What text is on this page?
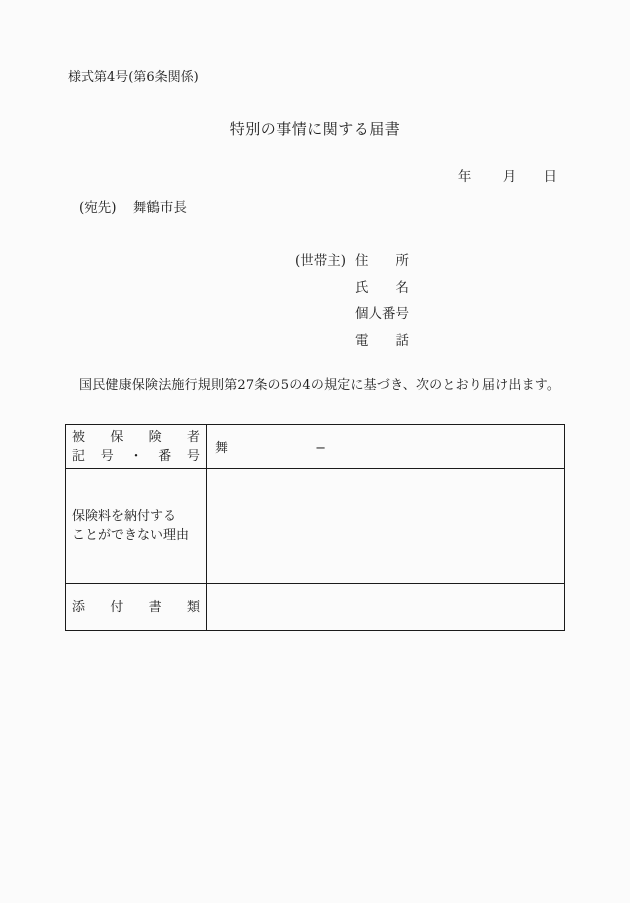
様式第4号(第6条関係)
特別の事情に関する届書
年 月 日
(宛先) 舞鶴市長
(世帯主) 住所
氏名
個人番号
電話
国民健康保険法施行規則第27条の5の4の規定に基づき、次のとおり届け出ます。
被保険者
記号・番号	舞 −

保険料を納付する
ことができない理由	

添付書類	
